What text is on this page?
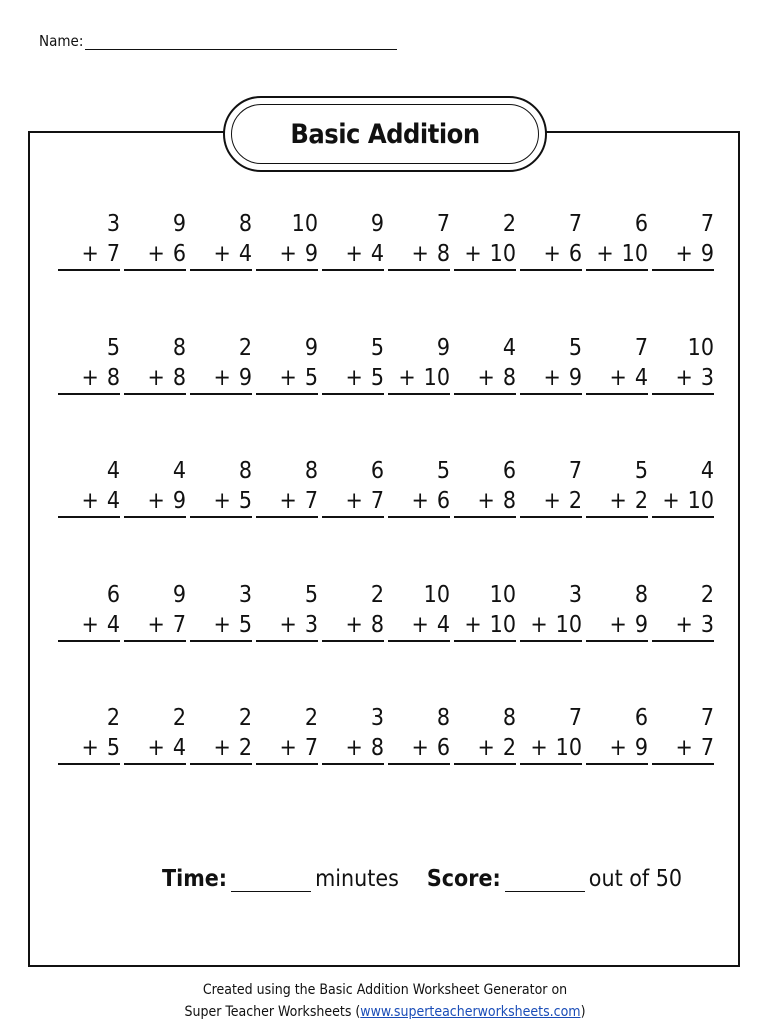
Name:
Basic Addition
3
+ 7
9
+ 6
8
+ 4
10
+ 9
9
+ 4
7
+ 8
2
+ 10
7
+ 6
6
+ 10
7
+ 9
5
+ 8
8
+ 8
2
+ 9
9
+ 5
5
+ 5
9
+ 10
4
+ 8
5
+ 9
7
+ 4
10
+ 3
4
+ 4
4
+ 9
8
+ 5
8
+ 7
6
+ 7
5
+ 6
6
+ 8
7
+ 2
5
+ 2
4
+ 10
6
+ 4
9
+ 7
3
+ 5
5
+ 3
2
+ 8
10
+ 4
10
+ 10
3
+ 10
8
+ 9
2
+ 3
2
+ 5
2
+ 4
2
+ 2
2
+ 7
3
+ 8
8
+ 6
8
+ 2
7
+ 10
6
+ 9
7
+ 7
Time:	minutes Score:	out of 50
Created using the Basic Addition Worksheet Generator on
Super Teacher Worksheets (www.superteacherworksheets.com)
